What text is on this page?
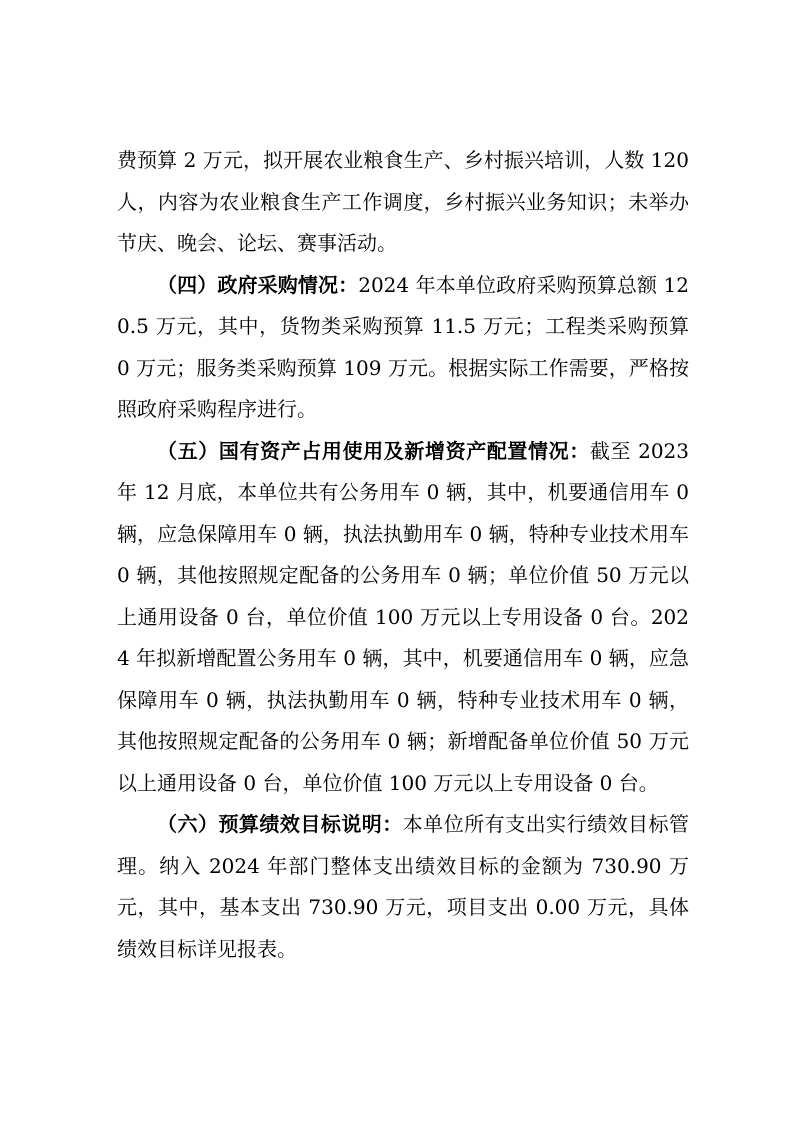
费预算 2 万元，拟开展农业粮食生产、乡村振兴培训，人数 120 人，内容为农业粮食生产工作调度，乡村振兴业务知识；未举办节庆、晚会、论坛、赛事活动。

（四）政府采购情况：2024 年本单位政府采购预算总额 120.5 万元，其中，货物类采购预算 11.5 万元；工程类采购预算 0 万元；服务类采购预算 109 万元。根据实际工作需要，严格按照政府采购程序进行。

（五）国有资产占用使用及新增资产配置情况：截至 2023 年 12 月底，本单位共有公务用车 0 辆，其中，机要通信用车 0 辆，应急保障用车 0 辆，执法执勤用车 0 辆，特种专业技术用车 0 辆，其他按照规定配备的公务用车 0 辆；单位价值 50 万元以上通用设备 0 台，单位价值 100 万元以上专用设备 0 台。2024 年拟新增配置公务用车 0 辆，其中，机要通信用车 0 辆，应急保障用车 0 辆，执法执勤用车 0 辆，特种专业技术用车 0 辆，其他按照规定配备的公务用车 0 辆；新增配备单位价值 50 万元以上通用设备 0 台，单位价值 100 万元以上专用设备 0 台。

（六）预算绩效目标说明：本单位所有支出实行绩效目标管理。纳入 2024 年部门整体支出绩效目标的金额为 730.90 万元，其中，基本支出 730.90 万元，项目支出 0.00 万元，具体绩效目标详见报表。
